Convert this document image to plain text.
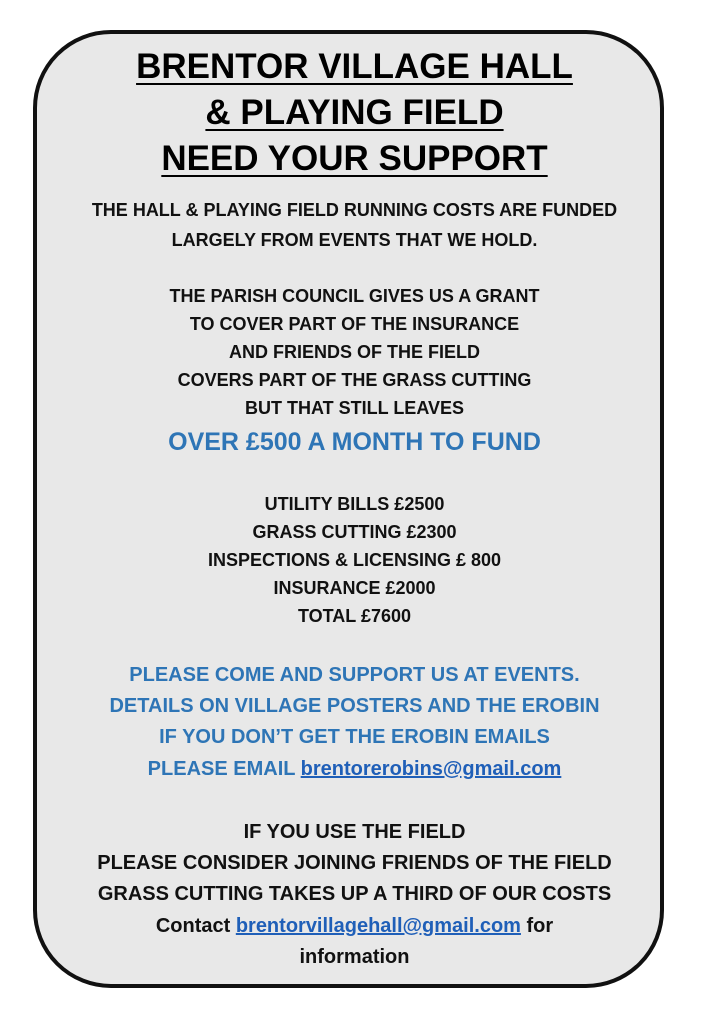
BRENTOR VILLAGE HALL
& PLAYING FIELD
NEED YOUR SUPPORT

THE HALL & PLAYING FIELD RUNNING COSTS ARE FUNDED

LARGELY FROM EVENTS THAT WE HOLD.

THE PARISH COUNCIL GIVES US A GRANT

TO COVER PART OF THE INSURANCE

AND FRIENDS OF THE FIELD

COVERS PART OF THE GRASS CUTTING

BUT THAT STILL LEAVES

OVER £500 A MONTH TO FUND

UTILITY BILLS £2500

GRASS CUTTING £2300

INSPECTIONS & LICENSING £ 800

INSURANCE £2000

TOTAL £7600

PLEASE COME AND SUPPORT US AT EVENTS.

DETAILS ON VILLAGE POSTERS AND THE EROBIN

IF YOU DON’T GET THE EROBIN EMAILS

PLEASE EMAIL brentorerobins@gmail.com

IF YOU USE THE FIELD

PLEASE CONSIDER JOINING FRIENDS OF THE FIELD

GRASS CUTTING TAKES UP A THIRD OF OUR COSTS

Contact brentorvillagehall@gmail.com for

information
